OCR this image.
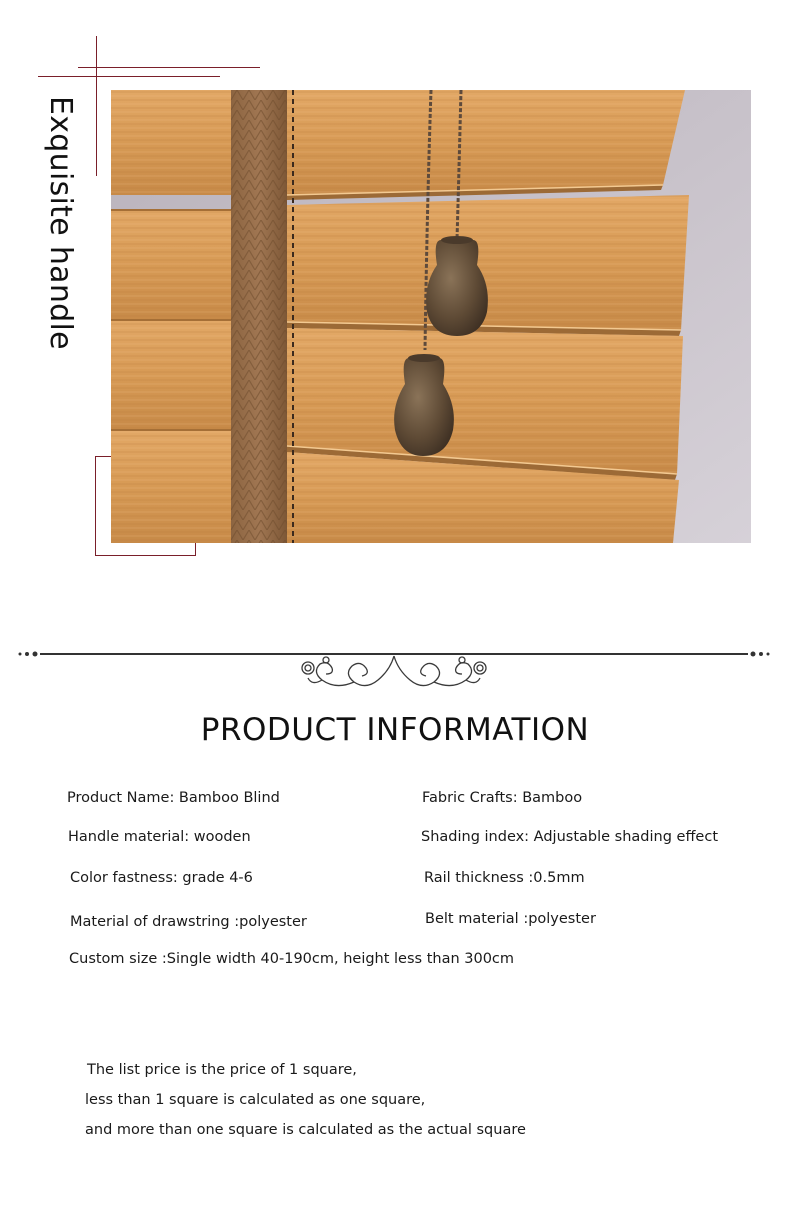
Exquisite handle
PRODUCT INFORMATION
Product Name: Bamboo Blind	Fabric Crafts: Bamboo
Handle material: wooden	Shading index: Adjustable shading effect
Color fastness: grade 4-6	Rail thickness :0.5mm
Material of drawstring :polyester	Belt material :polyester
Custom size :Single width 40-190cm, height less than 300cm
The list price is the price of 1 square,
less than 1 square is calculated as one square,
and more than one square is calculated as the actual square
